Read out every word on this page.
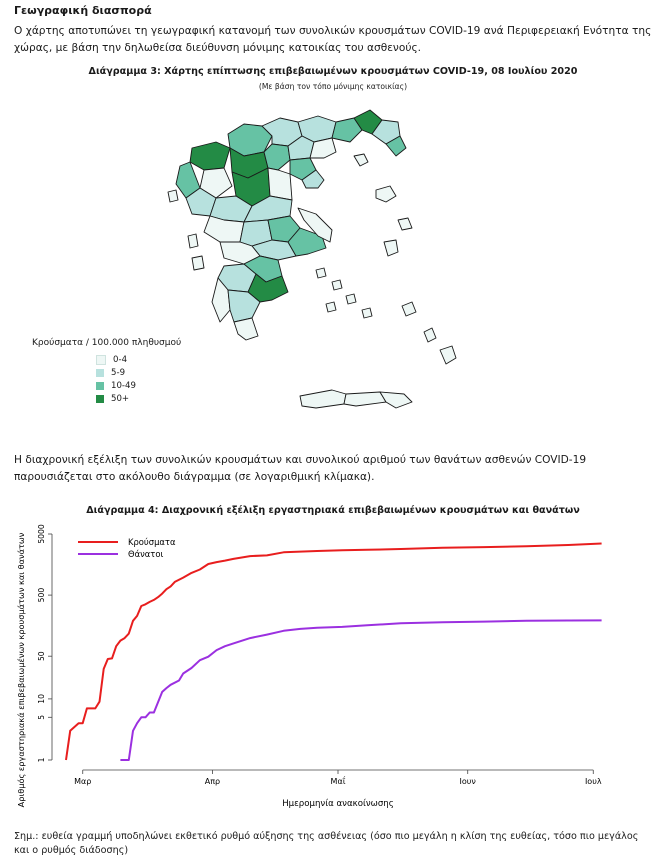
Γεωγραφική διασπορά
Ο χάρτης αποτυπώνει τη γεωγραφική κατανομή των συνολικών κρουσμάτων COVID-19 ανά Περιφερειακή Ενότητα της χώρας, με βάση την δηλωθείσα διεύθυνση μόνιμης κατοικίας του ασθενούς.
Διάγραμμα 3: Χάρτης επίπτωσης επιβεβαιωμένων κρουσμάτων COVID-19, 08 Ιουλίου 2020
(Με βάση τον τόπο μόνιμης κατοικίας)
Κρούσματα / 100.000 πληθυσμού
0-4
5-9
10-49
50+
Η διαχρονική εξέλιξη των συνολικών κρουσμάτων και συνολικού αριθμού των θανάτων ασθενών COVID-19 παρουσιάζεται στο ακόλουθο διάγραμμα (σε λογαριθμική κλίμακα).
Διάγραμμα 4: Διαχρονική εξέλιξη εργαστηριακά επιβεβαιωμένων κρουσμάτων και θανάτων
Αριθμός εργαστηριακά επιβεβαιωμένων κρουσμάτων και θανάτων	Ημερομηνία ανακοίνωσης
1
5
10
50
500
5000
Μαρ	Απρ	Μαΐ	Ιουν	Ιουλ
Κρούσματα
Θάνατοι
Σημ.: ευθεία γραμμή υποδηλώνει εκθετικό ρυθμό αύξησης της ασθένειας (όσο πιο μεγάλη η κλίση της ευθείας, τόσο πιο μεγάλος και ο ρυθμός διάδοσης)
